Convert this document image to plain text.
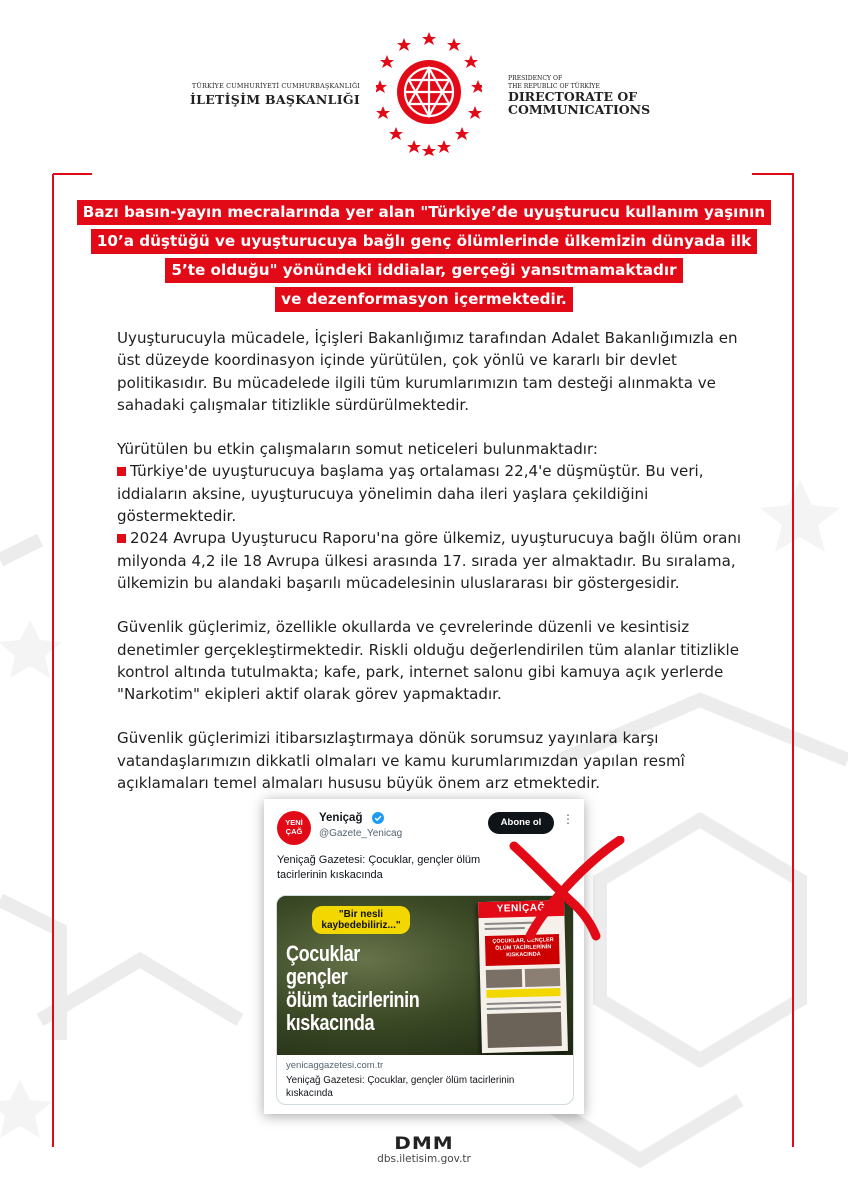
TÜRKİYE CUMHURİYETİ CUMHURBAŞKANLIĞI
İLETİŞİM BAŞKANLIĞI
PRESIDENCY OF
THE REPUBLIC OF TÜRKİYE
DIRECTORATE OF
COMMUNICATIONS
Bazı basın-yayın mecralarında yer alan "Türkiye’de uyuşturucu kullanım yaşının
10’a düştüğü ve uyuşturucuya bağlı genç ölümlerinde ülkemizin dünyada ilk
5’te olduğu" yönündeki iddialar, gerçeği yansıtmamaktadır
ve dezenformasyon içermektedir.

Uyuşturucuyla mücadele, İçişleri Bakanlığımız tarafından Adalet Bakanlığımızla en üst düzeyde koordinasyon içinde yürütülen, çok yönlü ve kararlı bir devlet politikasıdır. Bu mücadelede ilgili tüm kurumlarımızın tam desteği alınmakta ve sahadaki çalışmalar titizlikle sürdürülmektedir.

Yürütülen bu etkin çalışmaların somut neticeleri bulunmaktadır:
Türkiye'de uyuşturucuya başlama yaş ortalaması 22,4'e düşmüştür. Bu veri, iddiaların aksine, uyuşturucuya yönelimin daha ileri yaşlara çekildiğini göstermektedir.
2024 Avrupa Uyuşturucu Raporu'na göre ülkemiz, uyuşturucuya bağlı ölüm oranı milyonda 4,2 ile 18 Avrupa ülkesi arasında 17. sırada yer almaktadır. Bu sıralama, ülkemizin bu alandaki başarılı mücadelesinin uluslararası bir göstergesidir.

Güvenlik güçlerimiz, özellikle okullarda ve çevrelerinde düzenli ve kesintisiz denetimler gerçekleştirmektedir. Riskli olduğu değerlendirilen tüm alanlar titizlikle kontrol altında tutulmakta; kafe, park, internet salonu gibi kamuya açık yerlerde "Narkotim" ekipleri aktif olarak görev yapmaktadır.

Güvenlik güçlerimizi itibarsızlaştırmaya dönük sorumsuz yayınlara karşı vatandaşlarımızın dikkatli olmaları ve kamu kurumlarımızdan yapılan resmî açıklamaları temel almaları hususu büyük önem arz etmektedir.

YENİ
ÇAĞ
Yeniçağ
@Gazete_Yenicag
Abone ol	⋮
Yeniçağ Gazetesi: Çocuklar, gençler ölüm tacirlerinin kıskacında
"Bir nesli
kaybedebiliriz..."
Çocuklar
gençler
ölüm tacirlerinin
kıskacında
YENİÇAĞ
ÇOCUKLAR, GENÇLER ÖLÜM TACİRLERİNİN KISKACINDA
yenicaggazetesi.com.tr
Yeniçağ Gazetesi: Çocuklar, gençler ölüm tacirlerinin kıskacında
DMM
dbs.iletisim.gov.tr
